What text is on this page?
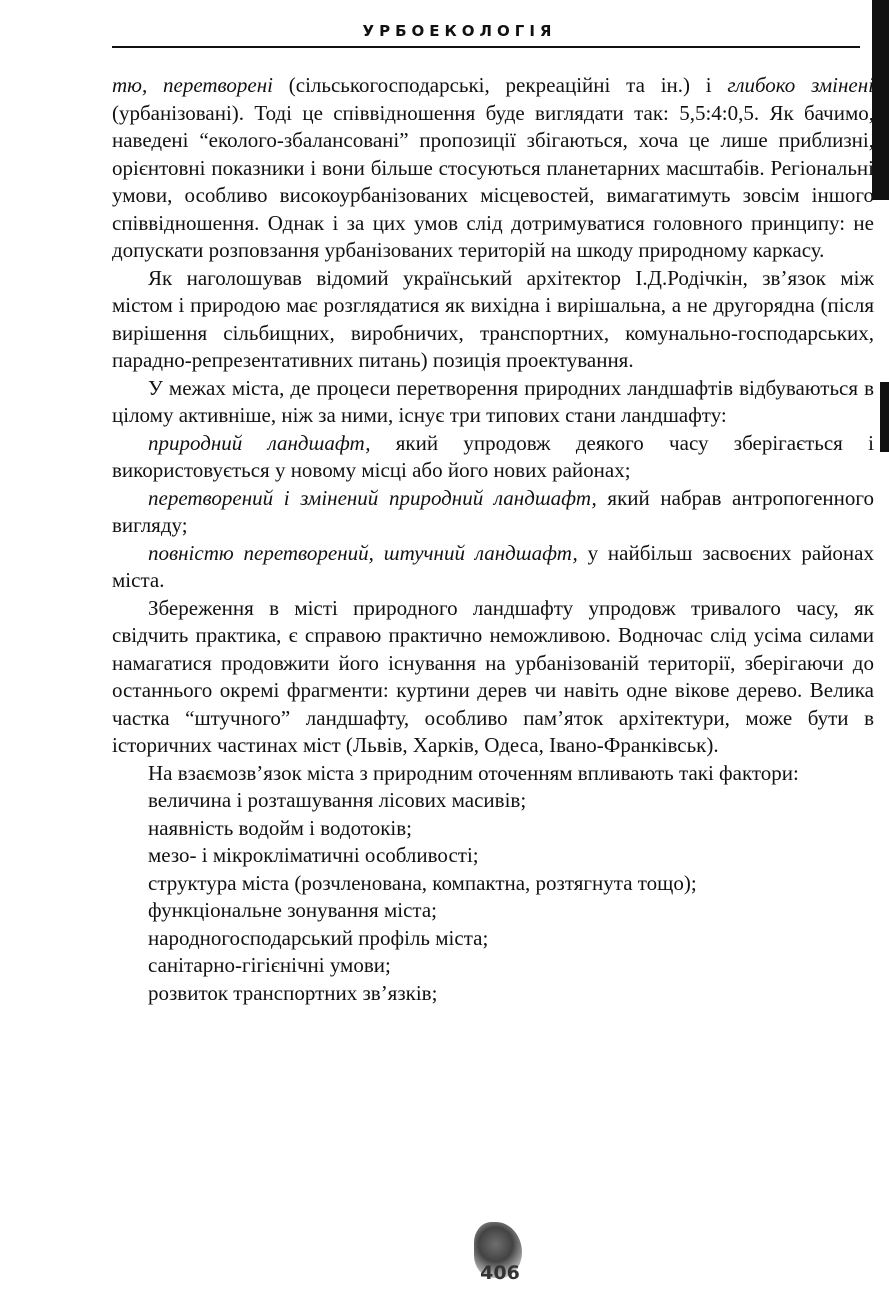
УРБОЕКОЛОГІЯ

тю, перетворені (сільськогосподарські, рекреаційні та ін.) і глибоко змінені (урбанізовані). Тоді це співвідношення буде виглядати так: 5,5:4:0,5. Як бачимо, наведені “еколого-збалансовані” пропозиції збігаються, хоча це лише приблизні, орієнтовні показники і вони більше стосуються планетарних масштабів. Регіональні умови, особливо високоурбанізованих місцевостей, вимагатимуть зовсім іншого співвідношення. Однак і за цих умов слід дотримуватися головного принципу: не допускати розповзання урбанізованих територій на шкоду природному каркасу.

Як наголошував відомий український архітектор І.Д.Родічкін, зв’язок між містом і природою має розглядатися як вихідна і вирішальна, а не другорядна (після вирішення сільбищних, виробничих, транспортних, комунально-господарських, парадно-репрезентативних питань) позиція проектування.

У межах міста, де процеси перетворення природних ландшафтів відбуваються в цілому активніше, ніж за ними, існує три типових стани ландшафту:

природний ландшафт, який упродовж деякого часу зберігається і використовується у новому місці або його нових районах;

перетворений і змінений природний ландшафт, який набрав антропогенного вигляду;

повністю перетворений, штучний ландшафт, у найбільш засвоєних районах міста.

Збереження в місті природного ландшафту упродовж тривалого часу, як свідчить практика, є справою практично неможливою. Водночас слід усіма силами намагатися продовжити його існування на урбанізованій території, зберігаючи до останнього окремі фрагменти: куртини дерев чи навіть одне вікове дерево. Велика частка “штучного” ландшафту, особливо пам’яток архітектури, може бути в історичних частинах міст (Львів, Харків, Одеса, Івано-Франківськ).

На взаємозв’язок міста з природним оточенням впливають такі фактори:

величина і розташування лісових масивів;

наявність водойм і водотоків;

мезо- і мікрокліматичні особливості;

структура міста (розчленована, компактна, розтягнута тощо);

функціональне зонування міста;

народногосподарський профіль міста;

санітарно-гігієнічні умови;

розвиток транспортних зв’язків;

406
